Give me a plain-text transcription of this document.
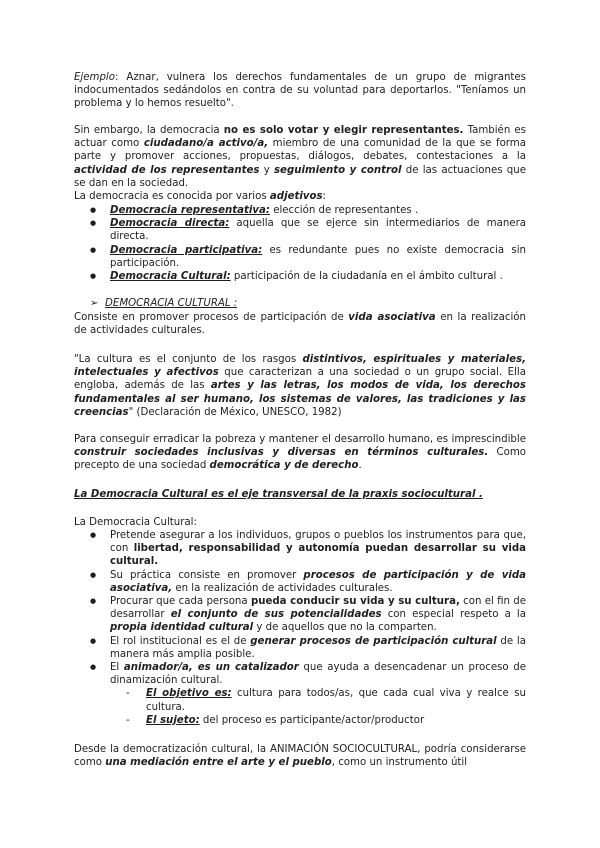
Ejemplo: Aznar, vulnera los derechos fundamentales de un grupo de migrantes indocumentados sedándolos en contra de su voluntad para deportarlos. "Teníamos un problema y lo hemos resuelto".
Sin embargo, la democracia no es solo votar y elegir representantes. También es actuar como ciudadano/a activo/a, miembro de una comunidad de la que se forma parte y promover acciones, propuestas, diálogos, debates, contestaciones a la actividad de los representantes y seguimiento y control de las actuaciones que se dan en la sociedad.
La democracia es conocida por varios adjetivos:
● Democracia representativa: elección de representantes .
● Democracia directa: aquella que se ejerce sin intermediarios de manera directa.
● Democracia participativa: es redundante pues no existe democracia sin participación.
● Democracia Cultural: participación de la ciudadanía en el ámbito cultural .
➢ DEMOCRACIA CULTURAL :
Consiste en promover procesos de participación de vida asociativa en la realización de actividades culturales.
"La cultura es el conjunto de los rasgos distintivos, espirituales y materiales, intelectuales y afectivos que caracterizan a una sociedad o un grupo social. Ella engloba, además de las artes y las letras, los modos de vida, los derechos fundamentales al ser humano, los sistemas de valores, las tradiciones y las creencias" (Declaración de México, UNESCO, 1982)
Para conseguir erradicar la pobreza y mantener el desarrollo humano, es imprescindible construir sociedades inclusivas y diversas en términos culturales. Como precepto de una sociedad democrática y de derecho.
La Democracia Cultural es el eje transversal de la praxis sociocultural .
La Democracia Cultural:
● Pretende asegurar a los individuos, grupos o pueblos los instrumentos para que, con libertad, responsabilidad y autonomía puedan desarrollar su vida cultural.
● Su práctica consiste en promover procesos de participación y de vida asociativa, en la realización de actividades culturales.
● Procurar que cada persona pueda conducir su vida y su cultura, con el fin de desarrollar el conjunto de sus potencialidades con especial respeto a la propia identidad cultural y de aquellos que no la comparten.
● El rol institucional es el de generar procesos de participación cultural de la manera más amplia posible.
● El animador/a, es un catalizador que ayuda a desencadenar un proceso de dinamización cultural.
- El objetivo es: cultura para todos/as, que cada cual viva y realce su cultura.
- El sujeto: del proceso es participante/actor/productor
Desde la democratización cultural, la ANIMACIÓN SOCIOCULTURAL, podría considerarse como una mediación entre el arte y el pueblo, como un instrumento útil
